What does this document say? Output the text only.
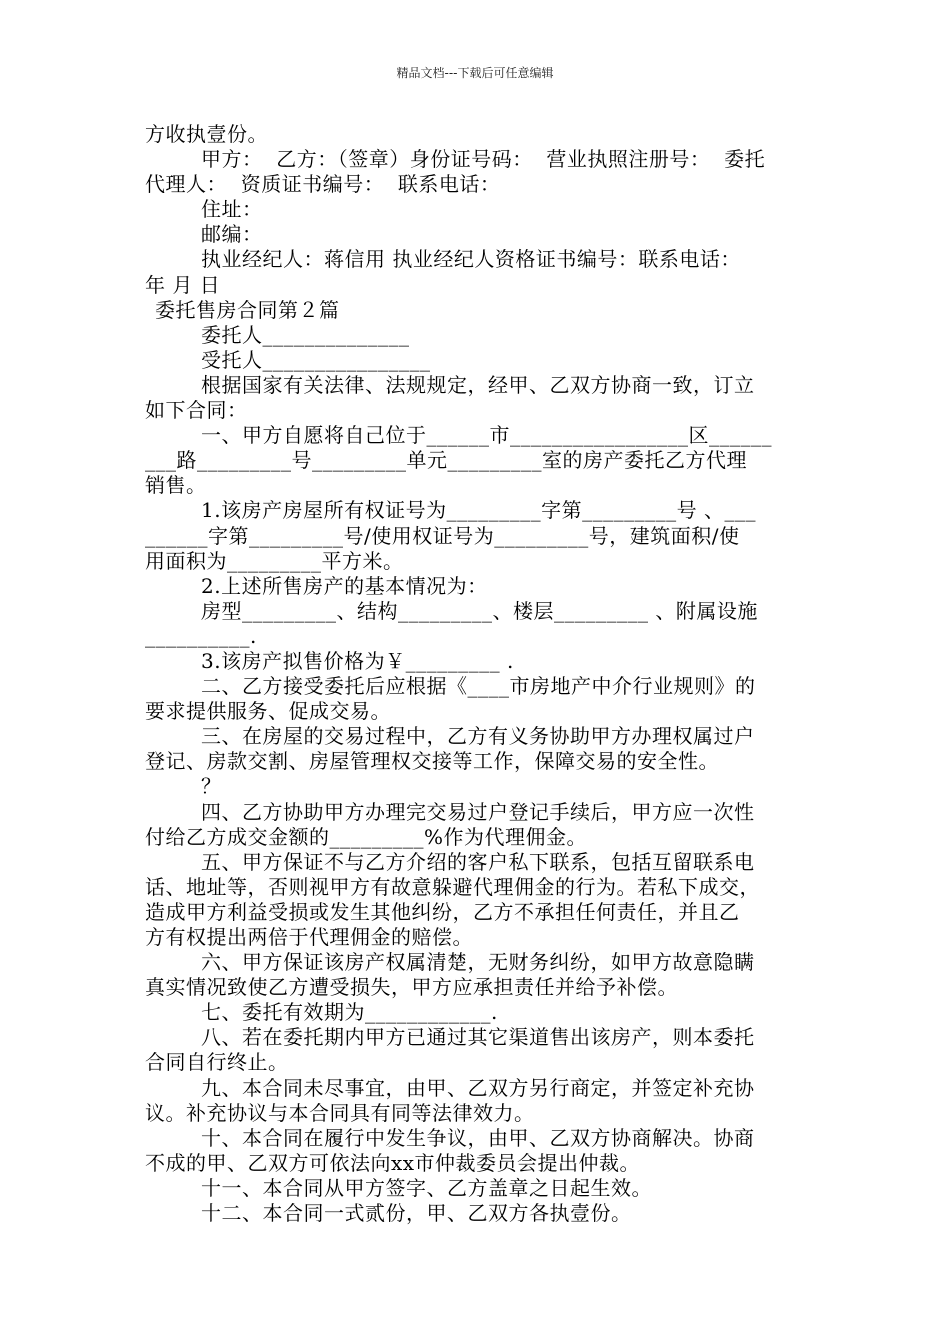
精品文档---下载后可任意编辑
方收执壹份。
甲方：  乙方：（签章）身份证号码：  营业执照注册号：  委托
代理人：  资质证书编号：  联系电话：
住址：
邮编：
执业经纪人：蒋信用 执业经纪人资格证书编号：联系电话：
年 月 日
委托售房合同第２篇
委托人______________
受托人________________
根据国家有关法律、法规规定，经甲、乙双方协商一致，订立
如下合同：
一、甲方自愿将自己位于______市_________________区______
___路_________号_________单元_________室的房产委托乙方代理
销售。
1.该房产房屋所有权证号为_________字第_________号 、___
______字第_________号/使用权证号为_________号，建筑面积/使
用面积为_________平方米。
2.上述所售房产的基本情况为：
房型_________、结构_________、楼层_________ 、附属设施
__________.
3.该房产拟售价格为￥_________ .
二、乙方接受委托后应根据《____市房地产中介行业规则》的
要求提供服务、促成交易。
三、在房屋的交易过程中，乙方有义务协助甲方办理权属过户
登记、房款交割、房屋管理权交接等工作，保障交易的安全性。
？
四、乙方协助甲方办理完交易过户登记手续后，甲方应一次性
付给乙方成交金额的_________%作为代理佣金。
五、甲方保证不与乙方介绍的客户私下联系，包括互留联系电
话、地址等，否则视甲方有故意躲避代理佣金的行为。若私下成交，
造成甲方利益受损或发生其他纠纷，乙方不承担任何责任，并且乙
方有权提出两倍于代理佣金的赔偿。
六、甲方保证该房产权属清楚，无财务纠纷，如甲方故意隐瞒
真实情况致使乙方遭受损失，甲方应承担责任并给予补偿。
七、委托有效期为____________.
八、若在委托期内甲方已通过其它渠道售出该房产，则本委托
合同自行终止。
九、本合同未尽事宜，由甲、乙双方另行商定，并签定补充协
议。补充协议与本合同具有同等法律效力。
十、本合同在履行中发生争议，由甲、乙双方协商解决。协商
不成的甲、乙双方可依法向xx市仲裁委员会提出仲裁。
十一、本合同从甲方签字、乙方盖章之日起生效。
十二、本合同一式贰份，甲、乙双方各执壹份。
